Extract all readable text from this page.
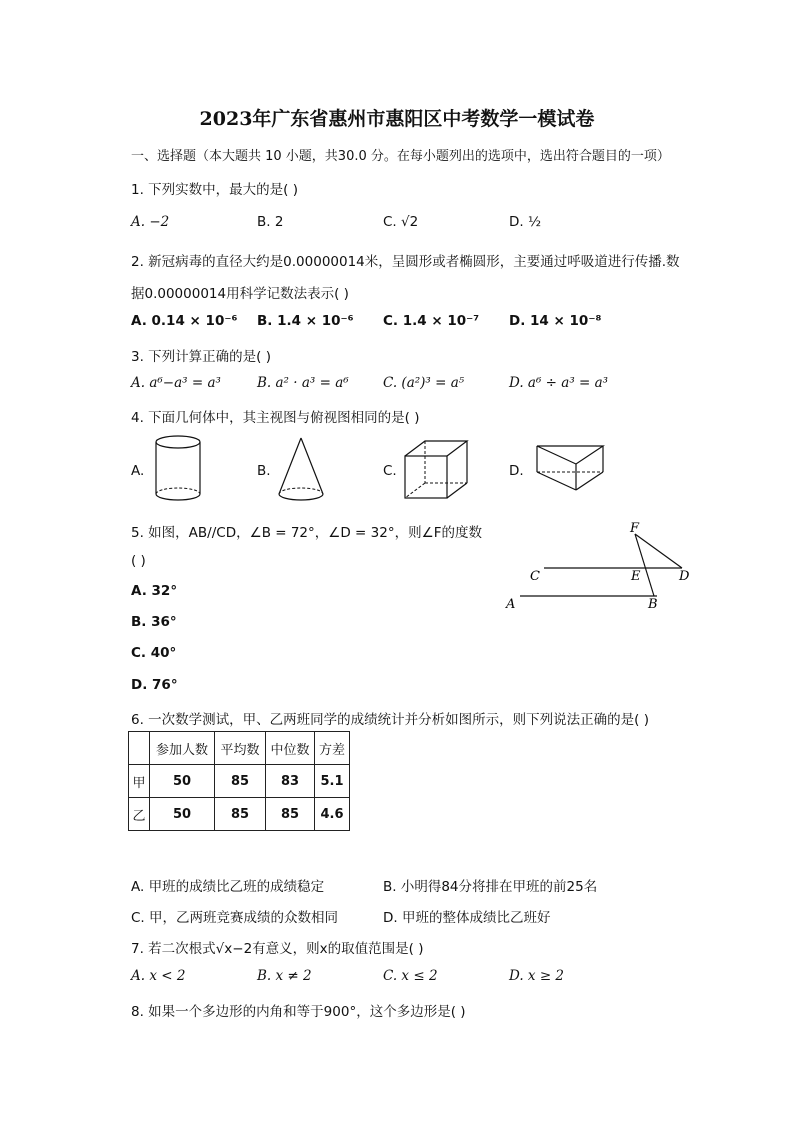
2023年广东省惠州市惠阳区中考数学一模试卷
一、选择题（本大题共 10 小题，共30.0 分。在每小题列出的选项中，选出符合题目的一项）
1. 下列实数中，最大的是( )
A. −2	B. 2	C. √2	D. ½
2. 新冠病毒的直径大约是0.00000014米，呈圆形或者椭圆形，主要通过呼吸道进行传播.数
据0.00000014用科学记数法表示( )
A. 0.14 × 10⁻⁶ B. 1.4 × 10⁻⁶ C. 1.4 × 10⁻⁷ D. 14 × 10⁻⁸
3. 下列计算正确的是( )
A. a⁶−a³ = a³	B. a² · a³ = a⁶	C. (a²)³ = a⁵	D. a⁶ ÷ a³ = a³
4. 下面几何体中，其主视图与俯视图相同的是( )
A.	B.	C.	D.
5. 如图，AB//CD，∠B = 72°，∠D = 32°，则∠F的度数
( )
A. 32°
B. 36°
C. 40°
D. 76°
F
C	E	D
A	B
6. 一次数学测试，甲、乙两班同学的成绩统计并分析如图所示，则下列说法正确的是( )
	参加人数	平均数	中位数	方差
甲	50	85	83	5.1
乙	50	85	85	4.6
A. 甲班的成绩比乙班的成绩稳定	B. 小明得84分将排在甲班的前25名
C. 甲，乙两班竞赛成绩的众数相同	D. 甲班的整体成绩比乙班好
7. 若二次根式√x−2有意义，则x的取值范围是( )
A. x < 2	B. x ≠ 2	C. x ≤ 2	D. x ≥ 2
8. 如果一个多边形的内角和等于900°，这个多边形是( )
